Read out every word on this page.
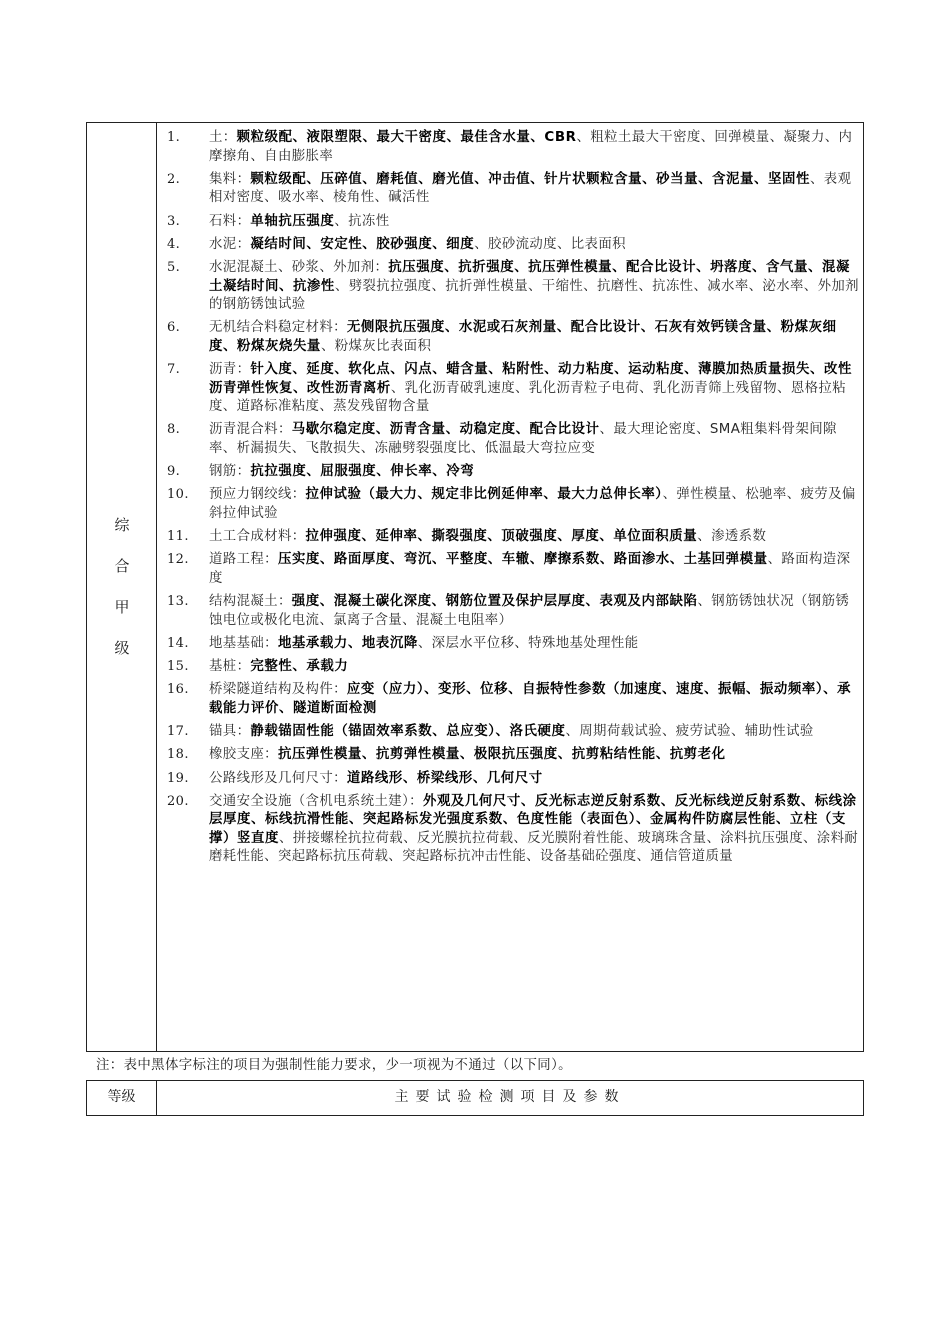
综
合
甲
级
1.	土：颗粒级配、液限塑限、最大干密度、最佳含水量、CBR、粗粒土最大干密度、回弹模量、凝聚力、内摩擦角、自由膨胀率
2.	集料：颗粒级配、压碎值、磨耗值、磨光值、冲击值、针片状颗粒含量、砂当量、含泥量、坚固性、表观相对密度、吸水率、棱角性、碱活性
3.	石料：单轴抗压强度、抗冻性
4.	水泥：凝结时间、安定性、胶砂强度、细度、胶砂流动度、比表面积
5.	水泥混凝土、砂浆、外加剂：抗压强度、抗折强度、抗压弹性模量、配合比设计、坍落度、含气量、混凝土凝结时间、抗渗性、劈裂抗拉强度、抗折弹性模量、干缩性、抗磨性、抗冻性、减水率、泌水率、外加剂的钢筋锈蚀试验
6.	无机结合料稳定材料：无侧限抗压强度、水泥或石灰剂量、配合比设计、石灰有效钙镁含量、粉煤灰细度、粉煤灰烧失量、粉煤灰比表面积
7.	沥青：针入度、延度、软化点、闪点、蜡含量、粘附性、动力粘度、运动粘度、薄膜加热质量损失、改性沥青弹性恢复、改性沥青离析、乳化沥青破乳速度、乳化沥青粒子电荷、乳化沥青筛上残留物、恩格拉粘度、道路标准粘度、蒸发残留物含量
8.	沥青混合料：马歇尔稳定度、沥青含量、动稳定度、配合比设计、最大理论密度、SMA粗集料骨架间隙率、析漏损失、飞散损失、冻融劈裂强度比、低温最大弯拉应变
9.	钢筋：抗拉强度、屈服强度、伸长率、冷弯
10.	预应力钢绞线：拉伸试验（最大力、规定非比例延伸率、最大力总伸长率）、弹性模量、松驰率、疲劳及偏斜拉伸试验
11.	土工合成材料：拉伸强度、延伸率、撕裂强度、顶破强度、厚度、单位面积质量、渗透系数
12.	道路工程：压实度、路面厚度、弯沉、平整度、车辙、摩擦系数、路面渗水、土基回弹模量、路面构造深度
13.	结构混凝土：强度、混凝土碳化深度、钢筋位置及保护层厚度、表观及内部缺陷、钢筋锈蚀状况（钢筋锈蚀电位或极化电流、氯离子含量、混凝土电阻率）
14.	地基基础：地基承载力、地表沉降、深层水平位移、特殊地基处理性能
15.	基桩：完整性、承载力
16.	桥梁隧道结构及构件：应变（应力）、变形、位移、自振特性参数（加速度、速度、振幅、振动频率）、承载能力评价、隧道断面检测
17.	锚具：静载锚固性能（锚固效率系数、总应变）、洛氏硬度、周期荷载试验、疲劳试验、辅助性试验
18.	橡胶支座：抗压弹性模量、抗剪弹性模量、极限抗压强度、抗剪粘结性能、抗剪老化
19.	公路线形及几何尺寸：道路线形、桥梁线形、几何尺寸
20.	交通安全设施（含机电系统土建）：外观及几何尺寸、反光标志逆反射系数、反光标线逆反射系数、标线涂层厚度、标线抗滑性能、突起路标发光强度系数、色度性能（表面色）、金属构件防腐层性能、立柱（支撑）竖直度、拼接螺栓抗拉荷载、反光膜抗拉荷载、反光膜附着性能、玻璃珠含量、涂料抗压强度、涂料耐磨耗性能、突起路标抗压荷载、突起路标抗冲击性能、设备基础砼强度、通信管道质量
注：表中黑体字标注的项目为强制性能力要求，少一项视为不通过（以下同）。
等级	主要试验检测项目及参数
